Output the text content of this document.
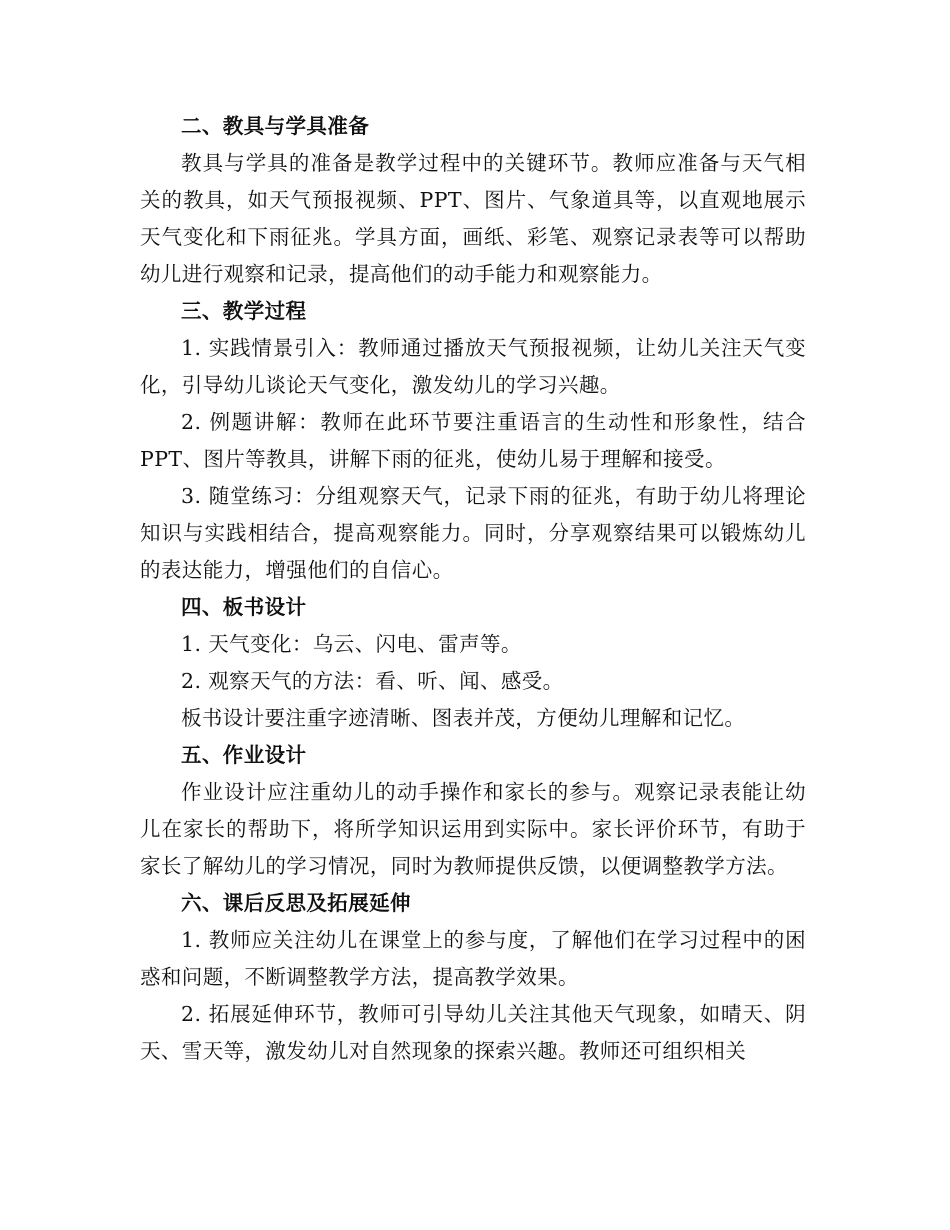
二、教具与学具准备

教具与学具的准备是教学过程中的关键环节。教师应准备与天气相关的教具，如天气预报视频、PPT、图片、气象道具等，以直观地展示天气变化和下雨征兆。学具方面，画纸、彩笔、观察记录表等可以帮助幼儿进行观察和记录，提高他们的动手能力和观察能力。

三、教学过程

1. 实践情景引入：教师通过播放天气预报视频，让幼儿关注天气变化，引导幼儿谈论天气变化，激发幼儿的学习兴趣。

2. 例题讲解：教师在此环节要注重语言的生动性和形象性，结合PPT、图片等教具，讲解下雨的征兆，使幼儿易于理解和接受。

3. 随堂练习：分组观察天气，记录下雨的征兆，有助于幼儿将理论知识与实践相结合，提高观察能力。同时，分享观察结果可以锻炼幼儿的表达能力，增强他们的自信心。

四、板书设计

1. 天气变化：乌云、闪电、雷声等。

2. 观察天气的方法：看、听、闻、感受。

板书设计要注重字迹清晰、图表并茂，方便幼儿理解和记忆。

五、作业设计

作业设计应注重幼儿的动手操作和家长的参与。观察记录表能让幼儿在家长的帮助下，将所学知识运用到实际中。家长评价环节，有助于家长了解幼儿的学习情况，同时为教师提供反馈，以便调整教学方法。

六、课后反思及拓展延伸

1. 教师应关注幼儿在课堂上的参与度，了解他们在学习过程中的困惑和问题，不断调整教学方法，提高教学效果。

2. 拓展延伸环节，教师可引导幼儿关注其他天气现象，如晴天、阴天、雪天等，激发幼儿对自然现象的探索兴趣。教师还可组织相关
